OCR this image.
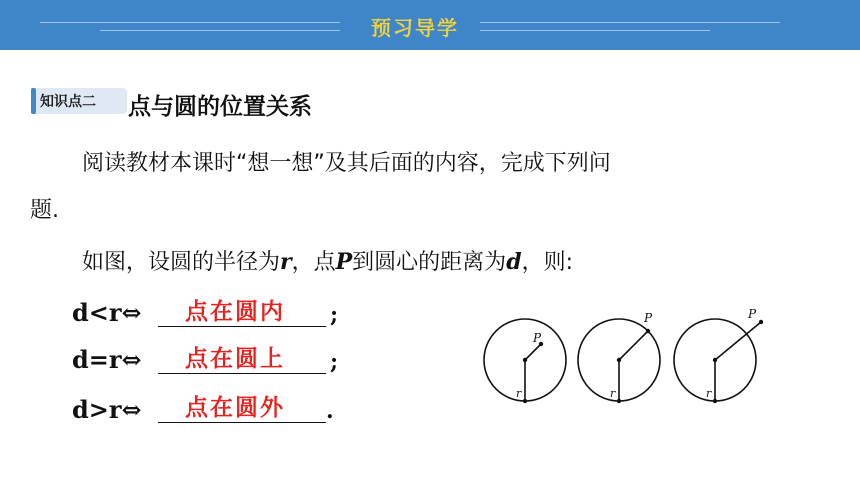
预习导学
知识点二 点与圆的位置关系
阅读教材本课时“想一想”及其后面的内容，完成下列问
题.
如图，设圆的半径为r，点P到圆心的距离为d，则:
d<r⇔ 点在圆内 ;
d=r⇔ 点在圆上 ;
d>r⇔ 点在圆外 .
P
r
P
r
P
r
